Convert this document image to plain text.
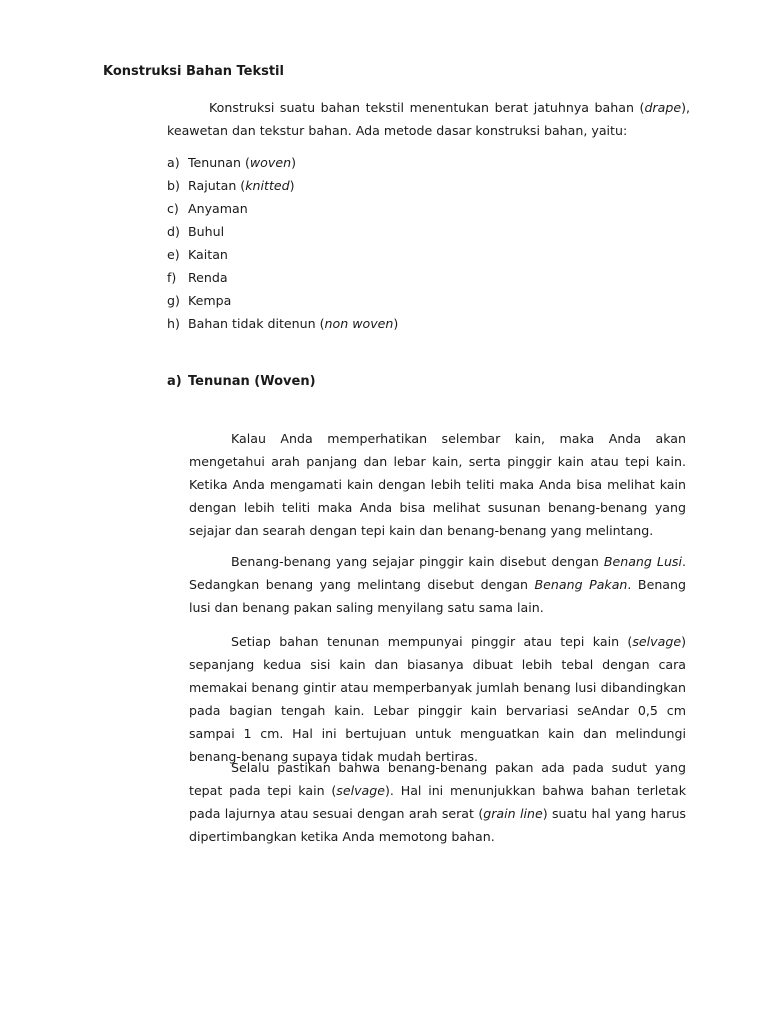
Konstruksi Bahan Tekstil

Konstruksi suatu bahan tekstil menentukan berat jatuhnya bahan (drape), keawetan dan tekstur bahan. Ada metode dasar konstruksi bahan, yaitu:

a) Tenunan (woven)
b) Rajutan (knitted)
c) Anyaman
d) Buhul
e) Kaitan
f) Renda
g) Kempa
h) Bahan tidak ditenun (non woven)
a) Tenunan (Woven)

Kalau Anda memperhatikan selembar kain, maka Anda akan mengetahui arah panjang dan lebar kain, serta pinggir kain atau tepi kain. Ketika Anda mengamati kain dengan lebih teliti maka Anda bisa melihat kain dengan lebih teliti maka Anda bisa melihat susunan benang-benang yang sejajar dan searah dengan tepi kain dan benang-benang yang melintang.

Benang-benang yang sejajar pinggir kain disebut dengan Benang Lusi. Sedangkan benang yang melintang disebut dengan Benang Pakan. Benang lusi dan benang pakan saling menyilang satu sama lain.

Setiap bahan tenunan mempunyai pinggir atau tepi kain (selvage) sepanjang kedua sisi kain dan biasanya dibuat lebih tebal dengan cara memakai benang gintir atau memperbanyak jumlah benang lusi dibandingkan pada bagian tengah kain. Lebar pinggir kain bervariasi seAndar 0,5 cm sampai 1 cm. Hal ini bertujuan untuk menguatkan kain dan melindungi benang-benang supaya tidak mudah bertiras.

Selalu pastikan bahwa benang-benang pakan ada pada sudut yang tepat pada tepi kain (selvage). Hal ini menunjukkan bahwa bahan terletak pada lajurnya atau sesuai dengan arah serat (grain line) suatu hal yang harus dipertimbangkan ketika Anda memotong bahan.
